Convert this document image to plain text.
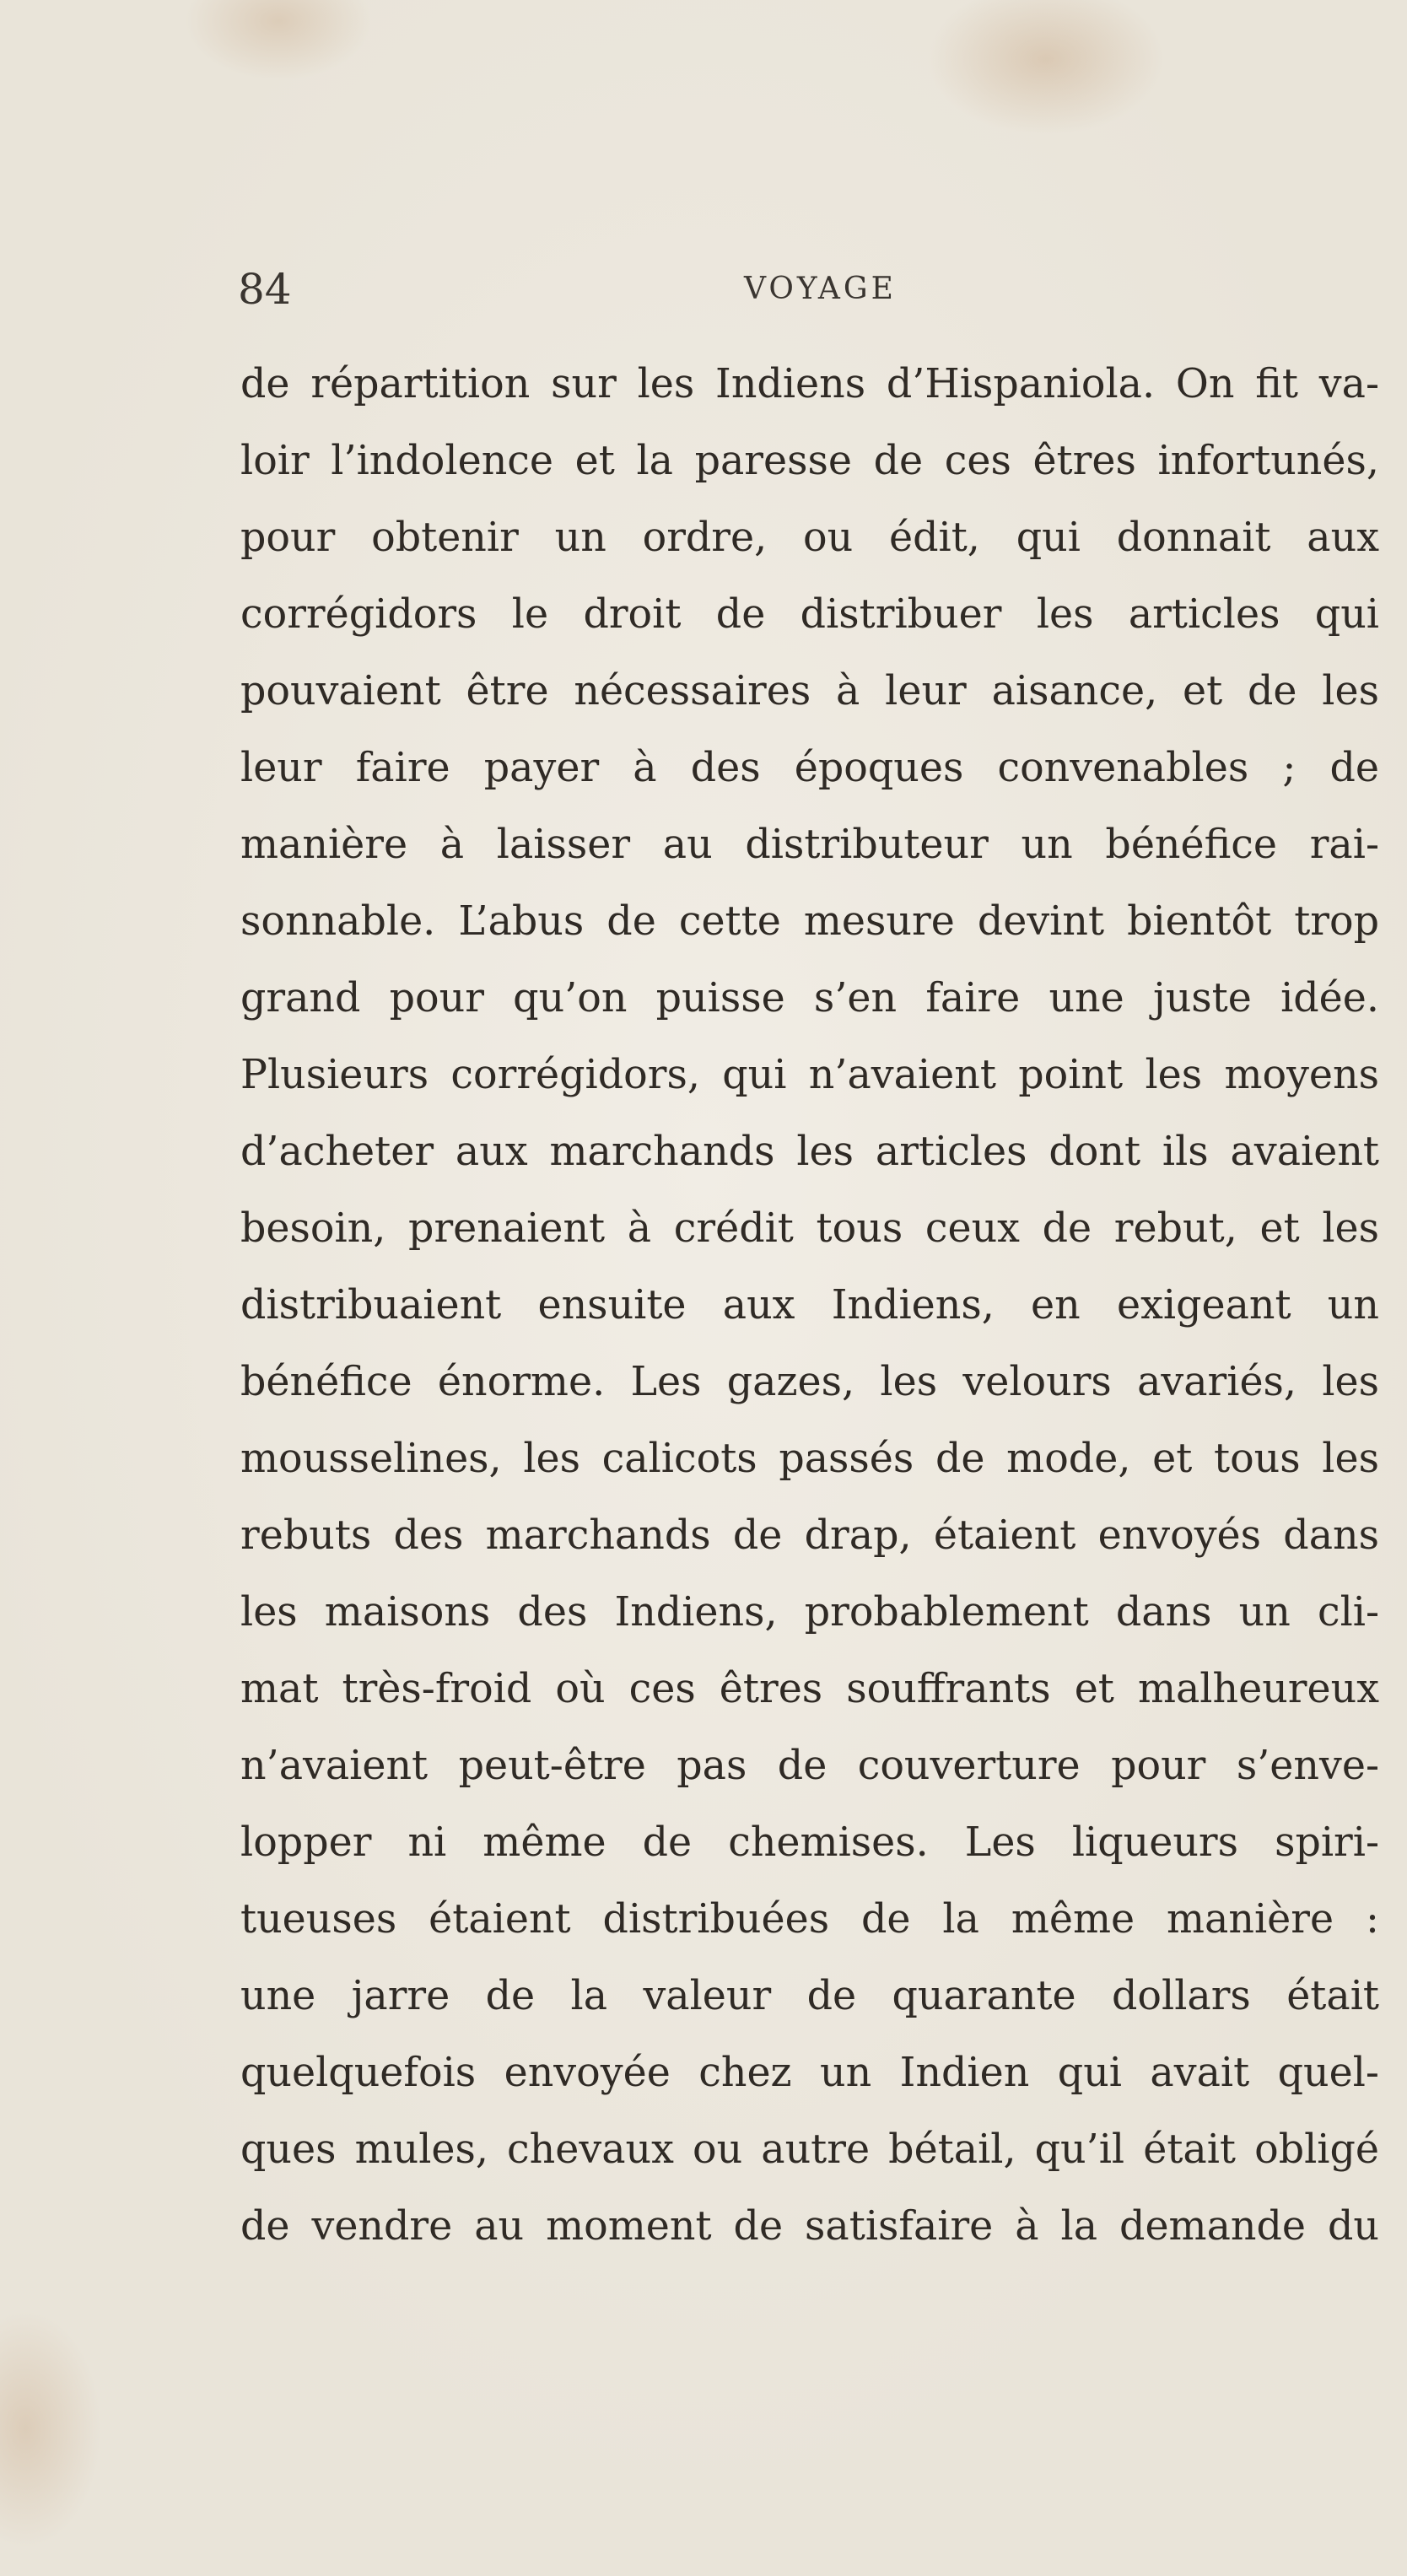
84	VOYAGE
de répartition sur les Indiens d’Hispaniola. On fit va-
loir l’indolence et la paresse de ces êtres infortunés,
pour obtenir un ordre, ou édit, qui donnait aux
corrégidors le droit de distribuer les articles qui
pouvaient être nécessaires à leur aisance, et de les
leur faire payer à des époques convenables ; de
manière à laisser au distributeur un bénéfice rai-
sonnable. L’abus de cette mesure devint bientôt trop
grand pour qu’on puisse s’en faire une juste idée.
Plusieurs corrégidors, qui n’avaient point les moyens
d’acheter aux marchands les articles dont ils avaient
besoin, prenaient à crédit tous ceux de rebut, et les
distribuaient ensuite aux Indiens, en exigeant un
bénéfice énorme. Les gazes, les velours avariés, les
mousselines, les calicots passés de mode, et tous les
rebuts des marchands de drap, étaient envoyés dans
les maisons des Indiens, probablement dans un cli-
mat très-froid où ces êtres souffrants et malheureux
n’avaient peut-être pas de couverture pour s’enve-
lopper ni même de chemises. Les liqueurs spiri-
tueuses étaient distribuées de la même manière :
une jarre de la valeur de quarante dollars était
quelquefois envoyée chez un Indien qui avait quel-
ques mules, chevaux ou autre bétail, qu’il était obligé
de vendre au moment de satisfaire à la demande du
